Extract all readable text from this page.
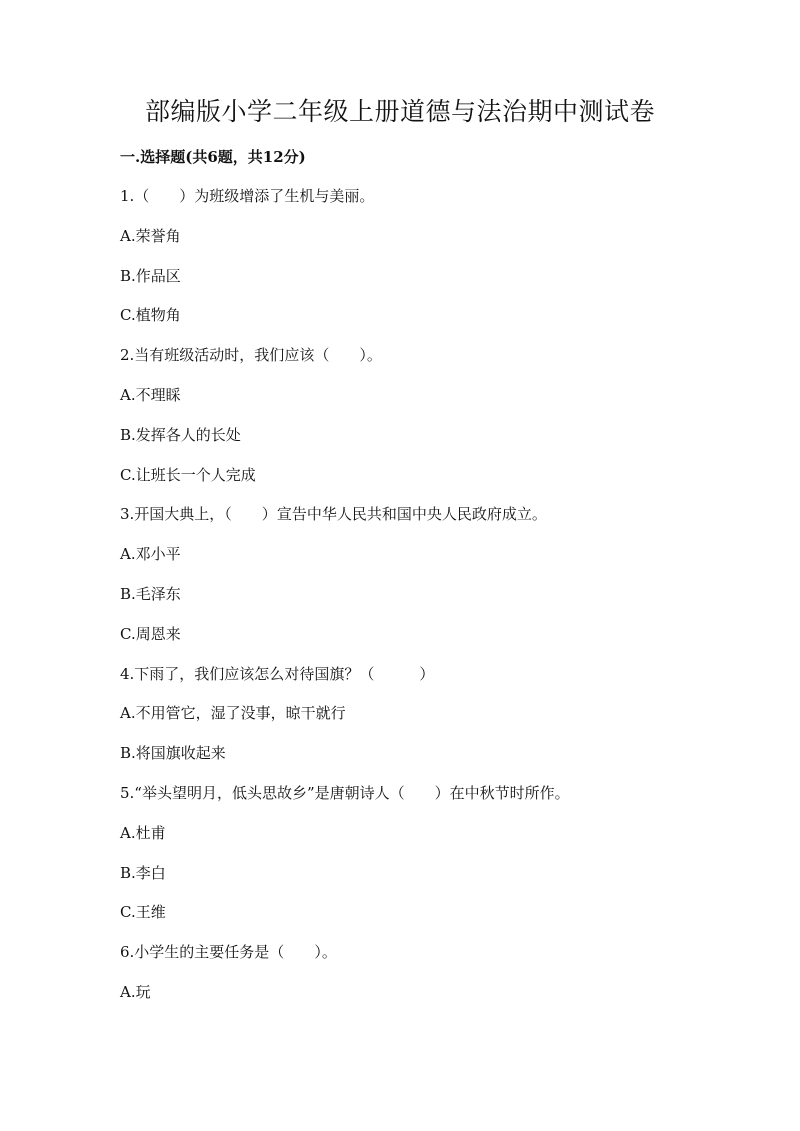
部编版小学二年级上册道德与法治期中测试卷
一.选择题(共6题，共12分)
1.（　　）为班级增添了生机与美丽。
A.荣誉角
B.作品区
C.植物角
2.当有班级活动时，我们应该（　　）。
A.不理睬
B.发挥各人的长处
C.让班长一个人完成
3.开国大典上，（　　）宣告中华人民共和国中央人民政府成立。
A.邓小平
B.毛泽东
C.周恩来
4.下雨了，我们应该怎么对待国旗？（　　　）
A.不用管它，湿了没事，晾干就行
B.将国旗收起来
5.“举头望明月，低头思故乡”是唐朝诗人（　　）在中秋节时所作。
A.杜甫
B.李白
C.王维
6.小学生的主要任务是（　　）。
A.玩
